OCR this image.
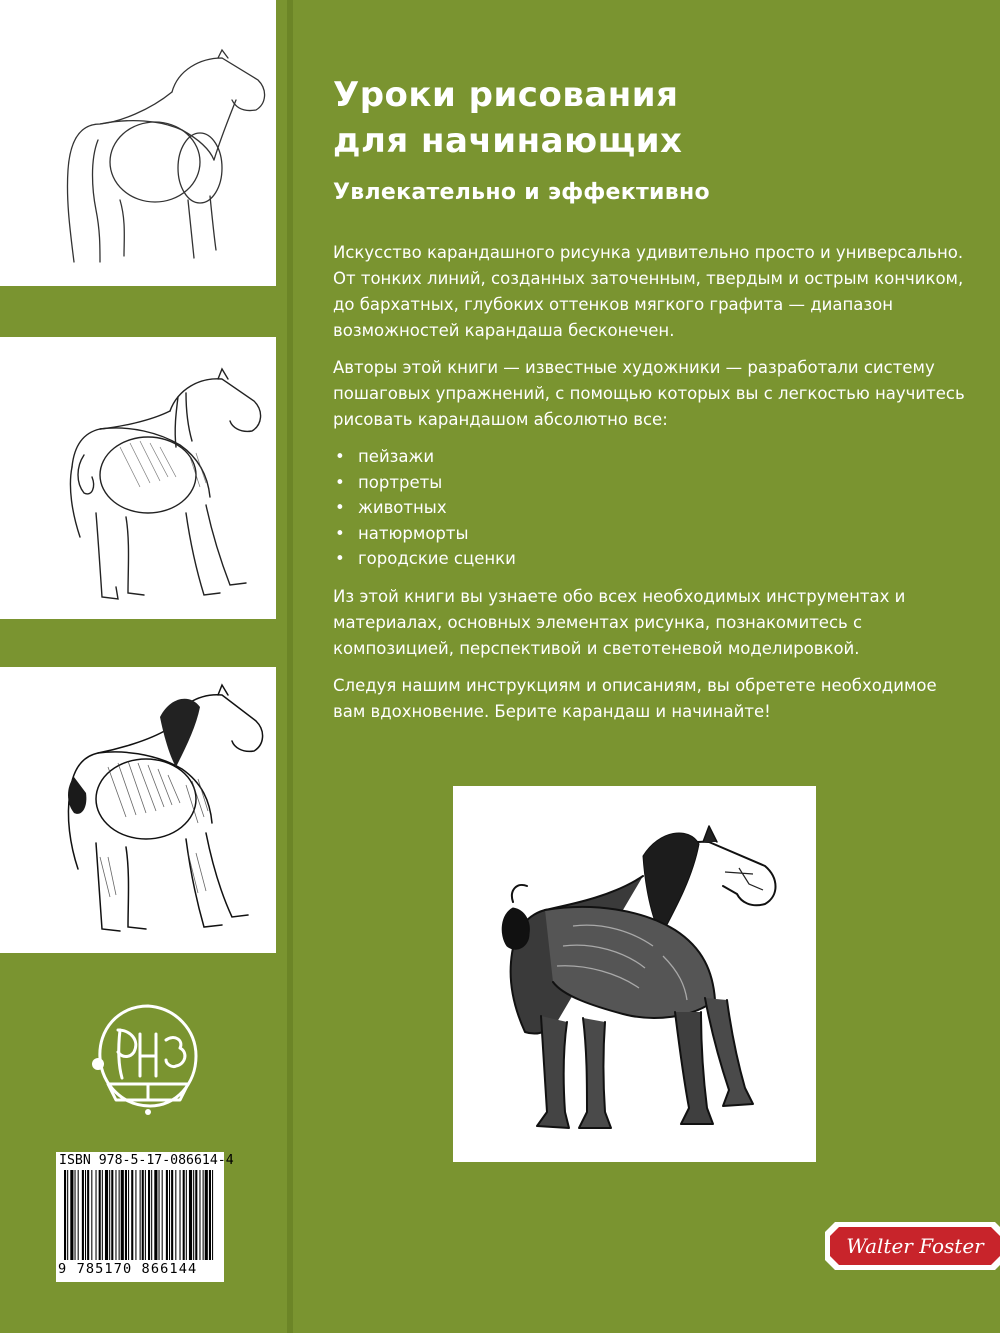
ISBN 978-5-17-086614-4
9 785170 866144
Уроки рисования
для начинающих
Увлекательно и эффективно

Искусство карандашного рисунка удивительно просто и универсально. От тонких линий, созданных заточенным, твердым и острым кончиком, до бархатных, глубоких оттенков мягкого графита — диапазон возможностей карандаша бесконечен.

Авторы этой книги — известные художники — разработали систему пошаговых упражнений, с помощью которых вы с легкостью научитесь рисовать карандашом абсолютно все:

• пейзажи
• портреты
• животных
• натюрморты
• городские сценки

Из этой книги вы узнаете обо всех необходимых инструментах и материалах, основных элементах рисунка, познакомитесь с композицией, перспективой и светотеневой моделировкой.

Следуя нашим инструкциям и описаниям, вы обретете необходимое вам вдохновение. Берите карандаш и начинайте!

Walter Foster
